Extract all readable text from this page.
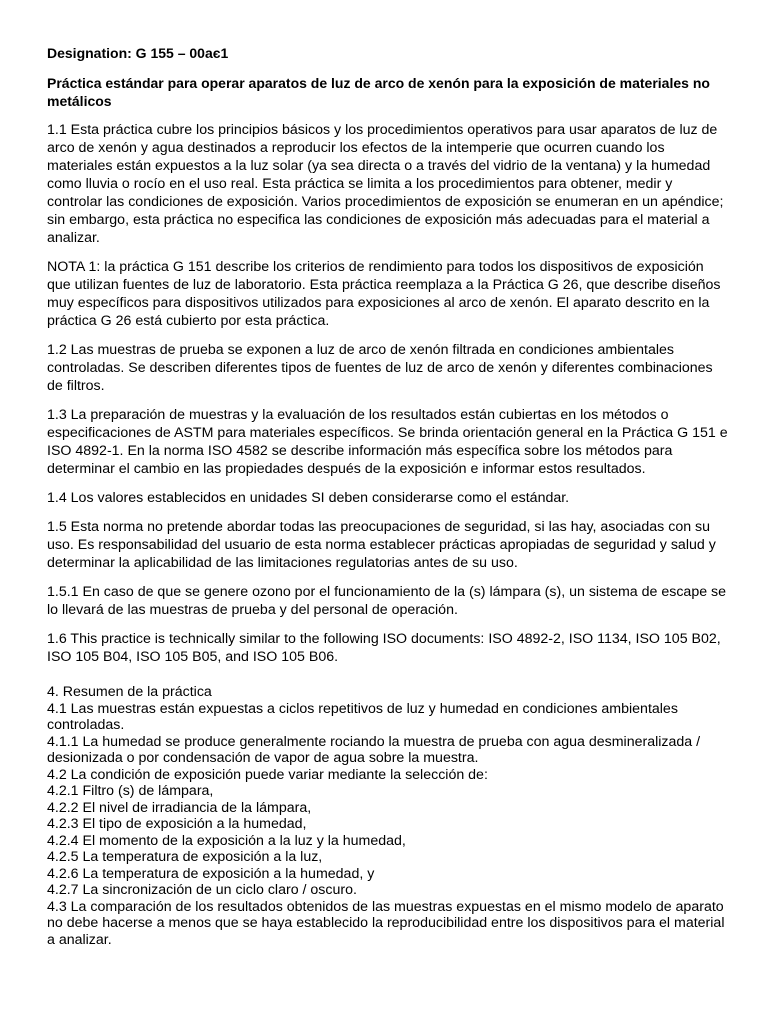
Designation: G 155 – 00aє1
Práctica estándar para operar aparatos de luz de arco de xenón para la exposición de materiales no metálicos
1.1 Esta práctica cubre los principios básicos y los procedimientos operativos para usar aparatos de luz de arco de xenón y agua destinados a reproducir los efectos de la intemperie que ocurren cuando los materiales están expuestos a la luz solar (ya sea directa o a través del vidrio de la ventana) y la humedad como lluvia o rocío en el uso real. Esta práctica se limita a los procedimientos para obtener, medir y controlar las condiciones de exposición. Varios procedimientos de exposición se enumeran en un apéndice; sin embargo, esta práctica no especifica las condiciones de exposición más adecuadas para el material a analizar.
NOTA 1: la práctica G 151 describe los criterios de rendimiento para todos los dispositivos de exposición que utilizan fuentes de luz de laboratorio. Esta práctica reemplaza a la Práctica G 26, que describe diseños muy específicos para dispositivos utilizados para exposiciones al arco de xenón. El aparato descrito en la práctica G 26 está cubierto por esta práctica.
1.2 Las muestras de prueba se exponen a luz de arco de xenón filtrada en condiciones ambientales controladas. Se describen diferentes tipos de fuentes de luz de arco de xenón y diferentes combinaciones de filtros.
1.3 La preparación de muestras y la evaluación de los resultados están cubiertas en los métodos o especificaciones de ASTM para materiales específicos. Se brinda orientación general en la Práctica G 151 e ISO 4892-1. En la norma ISO 4582 se describe información más específica sobre los métodos para determinar el cambio en las propiedades después de la exposición e informar estos resultados.
1.4 Los valores establecidos en unidades SI deben considerarse como el estándar.
1.5 Esta norma no pretende abordar todas las preocupaciones de seguridad, si las hay, asociadas con su uso. Es responsabilidad del usuario de esta norma establecer prácticas apropiadas de seguridad y salud y determinar la aplicabilidad de las limitaciones regulatorias antes de su uso.
1.5.1 En caso de que se genere ozono por el funcionamiento de la (s) lámpara (s), un sistema de escape se lo llevará de las muestras de prueba y del personal de operación.
1.6 This practice is technically similar to the following ISO documents: ISO 4892-2, ISO 1134, ISO 105 B02, ISO 105 B04, ISO 105 B05, and ISO 105 B06.
4. Resumen de la práctica
4.1 Las muestras están expuestas a ciclos repetitivos de luz y humedad en condiciones ambientales controladas.
4.1.1 La humedad se produce generalmente rociando la muestra de prueba con agua desmineralizada / desionizada o por condensación de vapor de agua sobre la muestra.
4.2 La condición de exposición puede variar mediante la selección de:
4.2.1 Filtro (s) de lámpara,
4.2.2 El nivel de irradiancia de la lámpara,
4.2.3 El tipo de exposición a la humedad,
4.2.4 El momento de la exposición a la luz y la humedad,
4.2.5 La temperatura de exposición a la luz,
4.2.6 La temperatura de exposición a la humedad, y
4.2.7 La sincronización de un ciclo claro / oscuro.
4.3 La comparación de los resultados obtenidos de las muestras expuestas en el mismo modelo de aparato no debe hacerse a menos que se haya establecido la reproducibilidad entre los dispositivos para el material a analizar.
